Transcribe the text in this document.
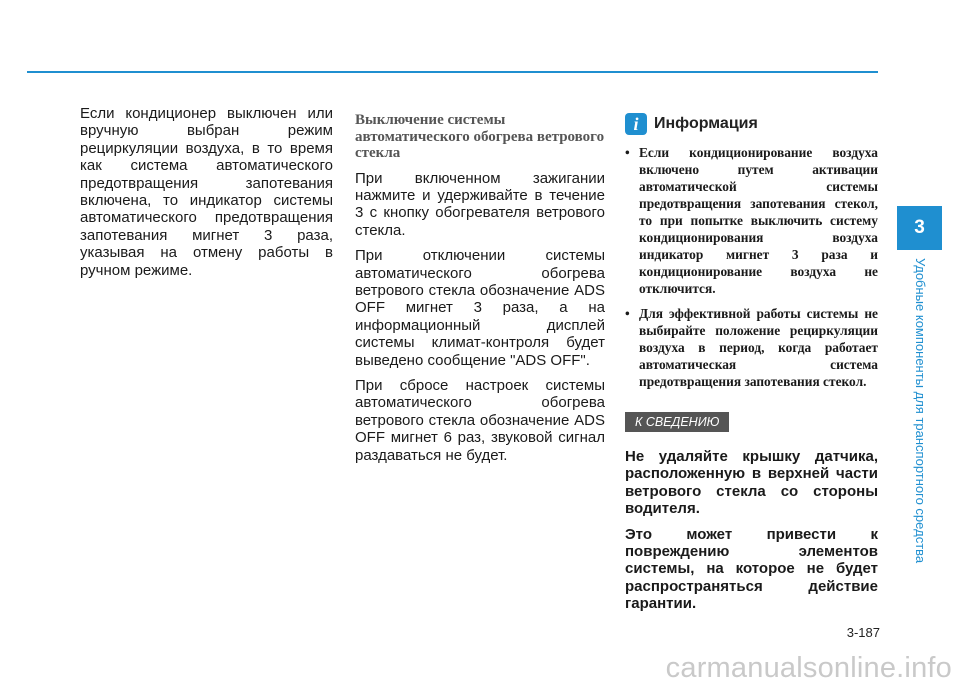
Если кондиционер выключен или вручную выбран режим рециркуляции воздуха, в то время как система автоматического предотвращения запотевания включена, то индикатор системы автоматического предотвращения запотевания мигнет 3 раза, указывая на отмену работы в ручном режиме.

Выключение системы автоматического обогрева ветрового стекла

При включенном зажигании нажмите и удерживайте в течение 3 с кнопку обогревателя ветрового стекла.

При отключении системы автоматического обогрева ветрового стекла обозначение ADS OFF мигнет 3 раза, а на информационный дисплей системы климат-контроля будет выведено сообщение "ADS OFF".

При сбросе настроек системы автоматического обогрева ветрового стекла обозначение ADS OFF мигнет 6 раз, звуковой сигнал раздаваться не будет.

i Информация
• Если кондиционирование воздуха включено путем активации автоматической системы предотвращения запотевания стекол, то при попытке выключить систему кондиционирования воздуха индикатор мигнет 3 раза и кондиционирование воздуха не отключится.
• Для эффективной работы системы не выбирайте положение рециркуляции воздуха в период, когда работает автоматическая система предотвращения запотевания стекол.
К СВЕДЕНИЮ

Не удаляйте крышку датчика, расположенную в верхней части ветрового стекла со стороны водителя.

Это может привести к повреждению элементов системы, на которое не будет распространяться действие гарантии.

3
Удобные компоненты для транспортного средства
3-187
carmanualsonline.info
